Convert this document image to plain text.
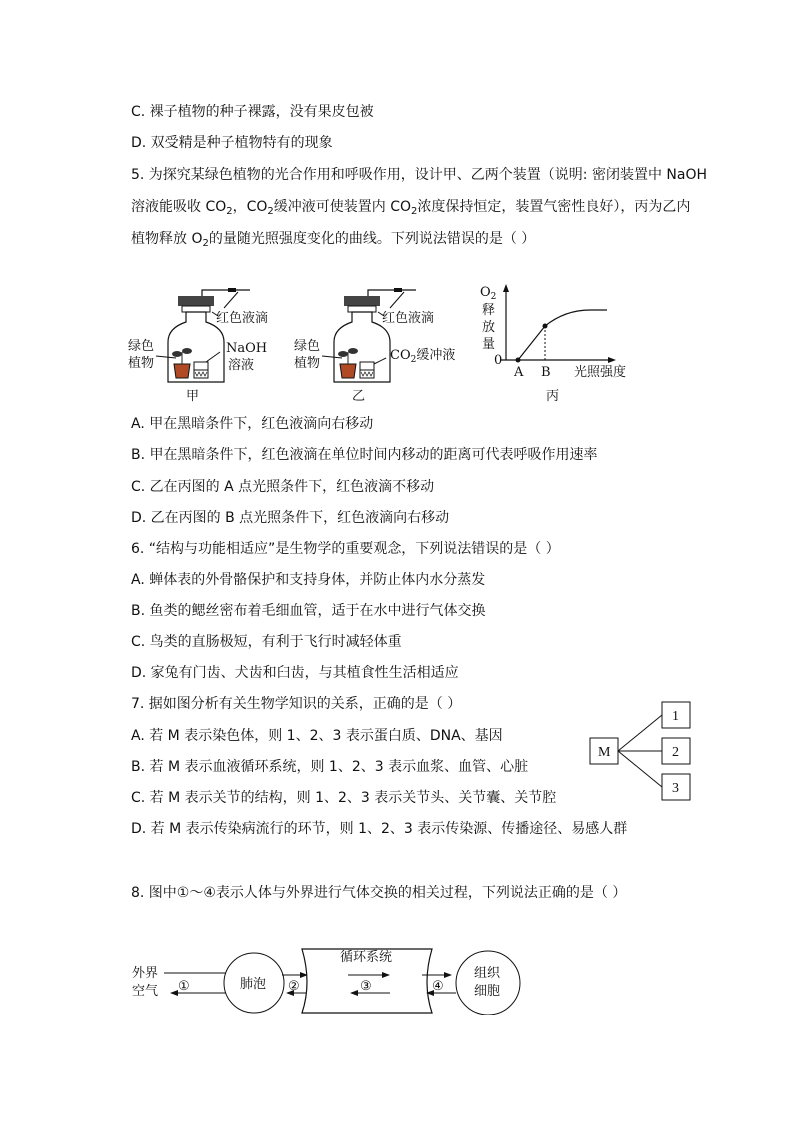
C. 裸子植物的种子裸露，没有果皮包被
D. 双受精是种子植物特有的现象
5. 为探究某绿色植物的光合作用和呼吸作用，设计甲、乙两个装置（说明: 密闭装置中 NaOH
溶液能吸收 $CO_2$，$CO_2$缓冲液可使装置内 $CO_2$浓度保持恒定，装置气密性良好），丙为乙内
植物释放 $O_2$的量随光照强度变化的曲线。下列说法错误的是（ ）
红色液滴
绿色
植物
NaOH
溶液
甲
红色液滴
绿色
植物
$CO_2$缓冲液
乙
$O_2$
释
放
量
0
A B 光照强度
丙
A. 甲在黑暗条件下，红色液滴向右移动
B. 甲在黑暗条件下，红色液滴在单位时间内移动的距离可代表呼吸作用速率
C. 乙在丙图的 A 点光照条件下，红色液滴不移动
D. 乙在丙图的 B 点光照条件下，红色液滴向右移动
6. “结构与功能相适应”是生物学的重要观念，下列说法错误的是（ ）
A. 蝉体表的外骨骼保护和支持身体，并防止体内水分蒸发
B. 鱼类的鳃丝密布着毛细血管，适于在水中进行气体交换
C. 鸟类的直肠极短，有利于飞行时减轻体重
D. 家兔有门齿、犬齿和臼齿，与其植食性生活相适应
7. 据如图分析有关生物学知识的关系，正确的是（ ）
A. 若 M 表示染色体，则 1、2、3 表示蛋白质、DNA、基因
B. 若 M 表示血液循环系统，则 1、2、3 表示血浆、血管、心脏
C. 若 M 表示关节的结构，则 1、2、3 表示关节头、关节囊、关节腔
D. 若 M 表示传染病流行的环节，则 1、2、3 表示传染源、传播途径、易感人群
M
1
2
3
8. 图中①～④表示人体与外界进行气体交换的相关过程，下列说法正确的是（ ）
外界
空气 ①	肺泡 ②
循环系统
③	④
组织
细胞
